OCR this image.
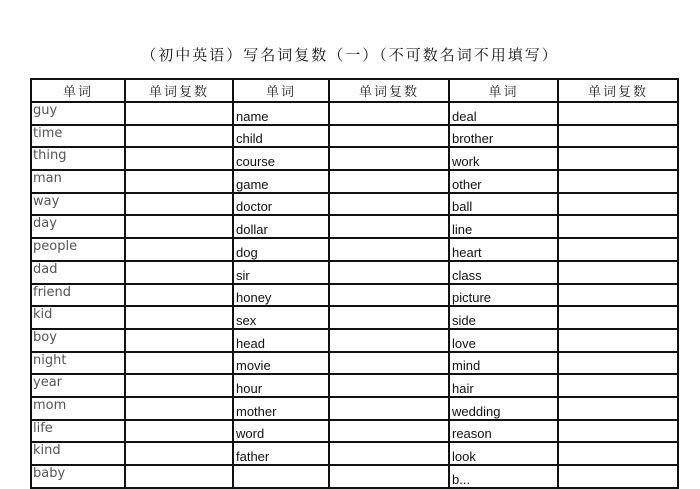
（初中英语）写名词复数（一）（不可数名词不用填写）
单词	单词复数	单词	单词复数	单词	单词复数
guy		name		deal	
time		child		brother	
thing		course		work	
man		game		other	
way		doctor		ball	
day		dollar		line	
people		dog		heart	
dad		sir		class	
friend		honey		picture	
kid		sex		side	
boy		head		love	
night		movie		mind	
year		hour		hair	
mom		mother		wedding	
life		word		reason	
kind		father		look	
baby				b...	
